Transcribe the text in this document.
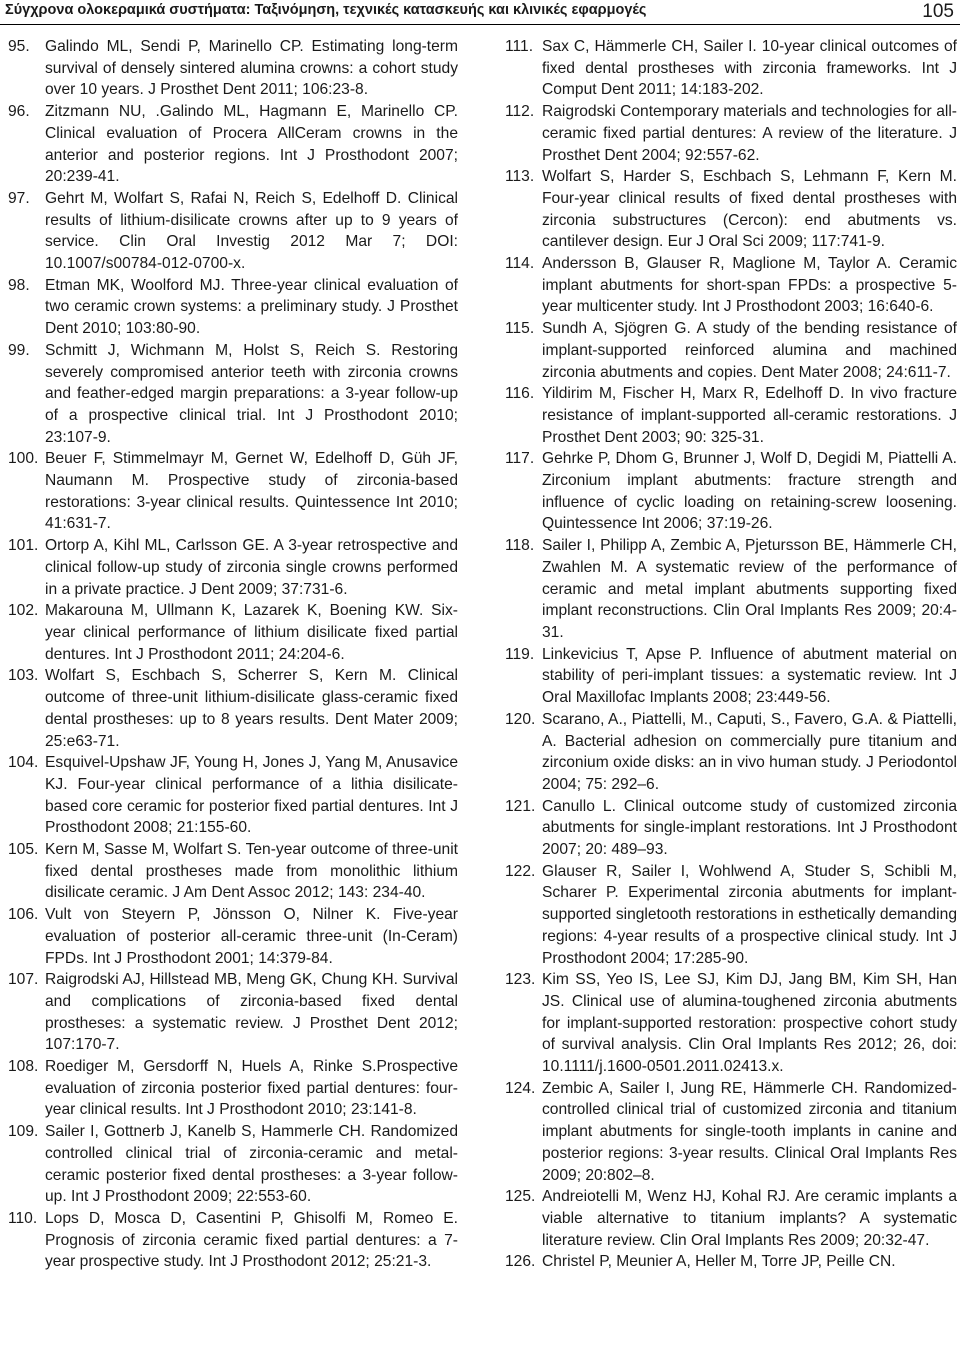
Σύγχρονα ολοκεραμικά συστήματα: Ταξινόμηση, τεχνικές κατασκευής και κλινικές εφαρμογές	105

95. Galindo ML, Sendi P, Marinello CP. Estimating long-term survival of densely sintered alumina crowns: a cohort study over 10 years. J Prosthet Dent 2011; 106:23-8.

96. Zitzmann NU, .Galindo ML, Hagmann E, Marinello CP. Clinical evaluation of Procera AllCeram crowns in the anterior and posterior regions. Int J Prosthodont 2007; 20:239-41.

97. Gehrt M, Wolfart S, Rafai N, Reich S, Edelhoff D. Clinical results of lithium-disilicate crowns after up to 9 years of service. Clin Oral Investig 2012 Mar 7; DOI: 10.1007/s00784-012-0700-x.

98. Etman MK, Woolford MJ. Three-year clinical evaluation of two ceramic crown systems: a preliminary study. J Prosthet Dent 2010; 103:80-90.

99. Schmitt J, Wichmann M, Holst S, Reich S. Restoring severely compromised anterior teeth with zirconia crowns and feather-edged margin preparations: a 3-year follow-up of a prospective clinical trial. Int J Prosthodont 2010; 23:107-9.

100. Beuer F, Stimmelmayr M, Gernet W, Edelhoff D, Güh JF, Naumann M. Prospective study of zirconia-based restorations: 3-year clinical results. Quintessence Int 2010; 41:631-7.

101. Ortorp A, Kihl ML, Carlsson GE. A 3-year retrospective and clinical follow-up study of zirconia single crowns performed in a private practice. J Dent 2009; 37:731-6.

102. Makarouna M, Ullmann K, Lazarek K, Boening KW. Six-year clinical performance of lithium disilicate fixed partial dentures. Int J Prosthodont 2011; 24:204-6.

103. Wolfart S, Eschbach S, Scherrer S, Kern M. Clinical outcome of three-unit lithium-disilicate glass-ceramic fixed dental prostheses: up to 8 years results. Dent Mater 2009; 25:e63-71.

104. Esquivel-Upshaw JF, Young H, Jones J, Yang M, Anusavice KJ. Four-year clinical performance of a lithia disilicate-based core ceramic for posterior fixed partial dentures. Int J Prosthodont 2008; 21:155-60.

105. Kern M, Sasse M, Wolfart S. Ten-year outcome of three-unit fixed dental prostheses made from monolithic lithium disilicate ceramic. J Am Dent Assoc 2012; 143: 234-40.

106. Vult von Steyern P, Jönsson O, Nilner K. Five-year evaluation of posterior all-ceramic three-unit (In-Ceram) FPDs. Int J Prosthodont 2001; 14:379-84.

107. Raigrodski AJ, Hillstead MB, Meng GK, Chung KH. Survival and complications of zirconia-based fixed dental prostheses: a systematic review. J Prosthet Dent 2012; 107:170-7.

108. Roediger M, Gersdorff N, Huels A, Rinke S.Prospective evaluation of zirconia posterior fixed partial dentures: four-year clinical results. Int J Prosthodont 2010; 23:141-8.

109. Sailer I, Gottnerb J, Kanelb S, Hammerle CH. Randomized controlled clinical trial of zirconia-ceramic and metal-ceramic posterior fixed dental prostheses: a 3-year follow-up. Int J Prosthodont 2009; 22:553-60.

110. Lops D, Mosca D, Casentini P, Ghisolfi M, Romeo E. Prognosis of zirconia ceramic fixed partial dentures: a 7-year prospective study. Int J Prosthodont 2012; 25:21-3.

111. Sax C, Hämmerle CH, Sailer I. 10-year clinical outcomes of fixed dental prostheses with zirconia frameworks. Int J Comput Dent 2011; 14:183-202.

112. Raigrodski Contemporary materials and technologies for all-ceramic fixed partial dentures: A review of the literature. J Prosthet Dent 2004; 92:557-62.

113. Wolfart S, Harder S, Eschbach S, Lehmann F, Kern M. Four-year clinical results of fixed dental prostheses with zirconia substructures (Cercon): end abutments vs. cantilever design. Eur J Oral Sci 2009; 117:741-9.

114. Andersson B, Glauser R, Maglione M, Taylor A. Ceramic implant abutments for short-span FPDs: a prospective 5-year multicenter study. Int J Prosthodont 2003; 16:640-6.

115. Sundh A, Sjögren G. A study of the bending resistance of implant-supported reinforced alumina and machined zirconia abutments and copies. Dent Mater 2008; 24:611-7.

116. Yildirim M, Fischer H, Marx R, Edelhoff D. In vivo fracture resistance of implant-supported all-ceramic restorations. J Prosthet Dent 2003; 90: 325-31.

117. Gehrke P, Dhom G, Brunner J, Wolf D, Degidi M, Piattelli A. Zirconium implant abutments: fracture strength and influence of cyclic loading on retaining-screw loosening. Quintessence Int 2006; 37:19-26.

118. Sailer I, Philipp A, Zembic A, Pjetursson BE, Hämmerle CH, Zwahlen M. A systematic review of the performance of ceramic and metal implant abutments supporting fixed implant reconstructions. Clin Oral Implants Res 2009; 20:4-31.

119. Linkevicius T, Apse P. Influence of abutment material on stability of peri-implant tissues: a systematic review. Int J Oral Maxillofac Implants 2008; 23:449-56.

120. Scarano, A., Piattelli, M., Caputi, S., Favero, G.A. & Piattelli, A. Bacterial adhesion on commercially pure titanium and zirconium oxide disks: an in vivo human study. J Periodontol 2004; 75: 292–6.

121. Canullo L. Clinical outcome study of customized zirconia abutments for single-implant restorations. Int J Prosthodont 2007; 20: 489–93.

122. Glauser R, Sailer I, Wohlwend A, Studer S, Schibli M, Scharer P. Experimental zirconia abutments for implant-supported singletooth restorations in esthetically demanding regions: 4-year results of a prospective clinical study. Int J Prosthodont 2004; 17:285-90.

123. Kim SS, Yeo IS, Lee SJ, Kim DJ, Jang BM, Kim SH, Han JS. Clinical use of alumina-toughened zirconia abutments for implant-supported restoration: prospective cohort study of survival analysis. Clin Oral Implants Res 2012; 26, doi: 10.1111/j.1600-0501.2011.02413.x.

124. Zembic A, Sailer I, Jung RE, Hämmerle CH. Randomized-controlled clinical trial of customized zirconia and titanium implant abutments for single-tooth implants in canine and posterior regions: 3-year results. Clinical Oral Implants Res 2009; 20:802–8.

125. Andreiotelli M, Wenz HJ, Kohal RJ. Are ceramic implants a viable alternative to titanium implants? A systematic literature review. Clin Oral Implants Res 2009; 20:32-47.

126. Christel P, Meunier A, Heller M, Torre JP, Peille CN.
